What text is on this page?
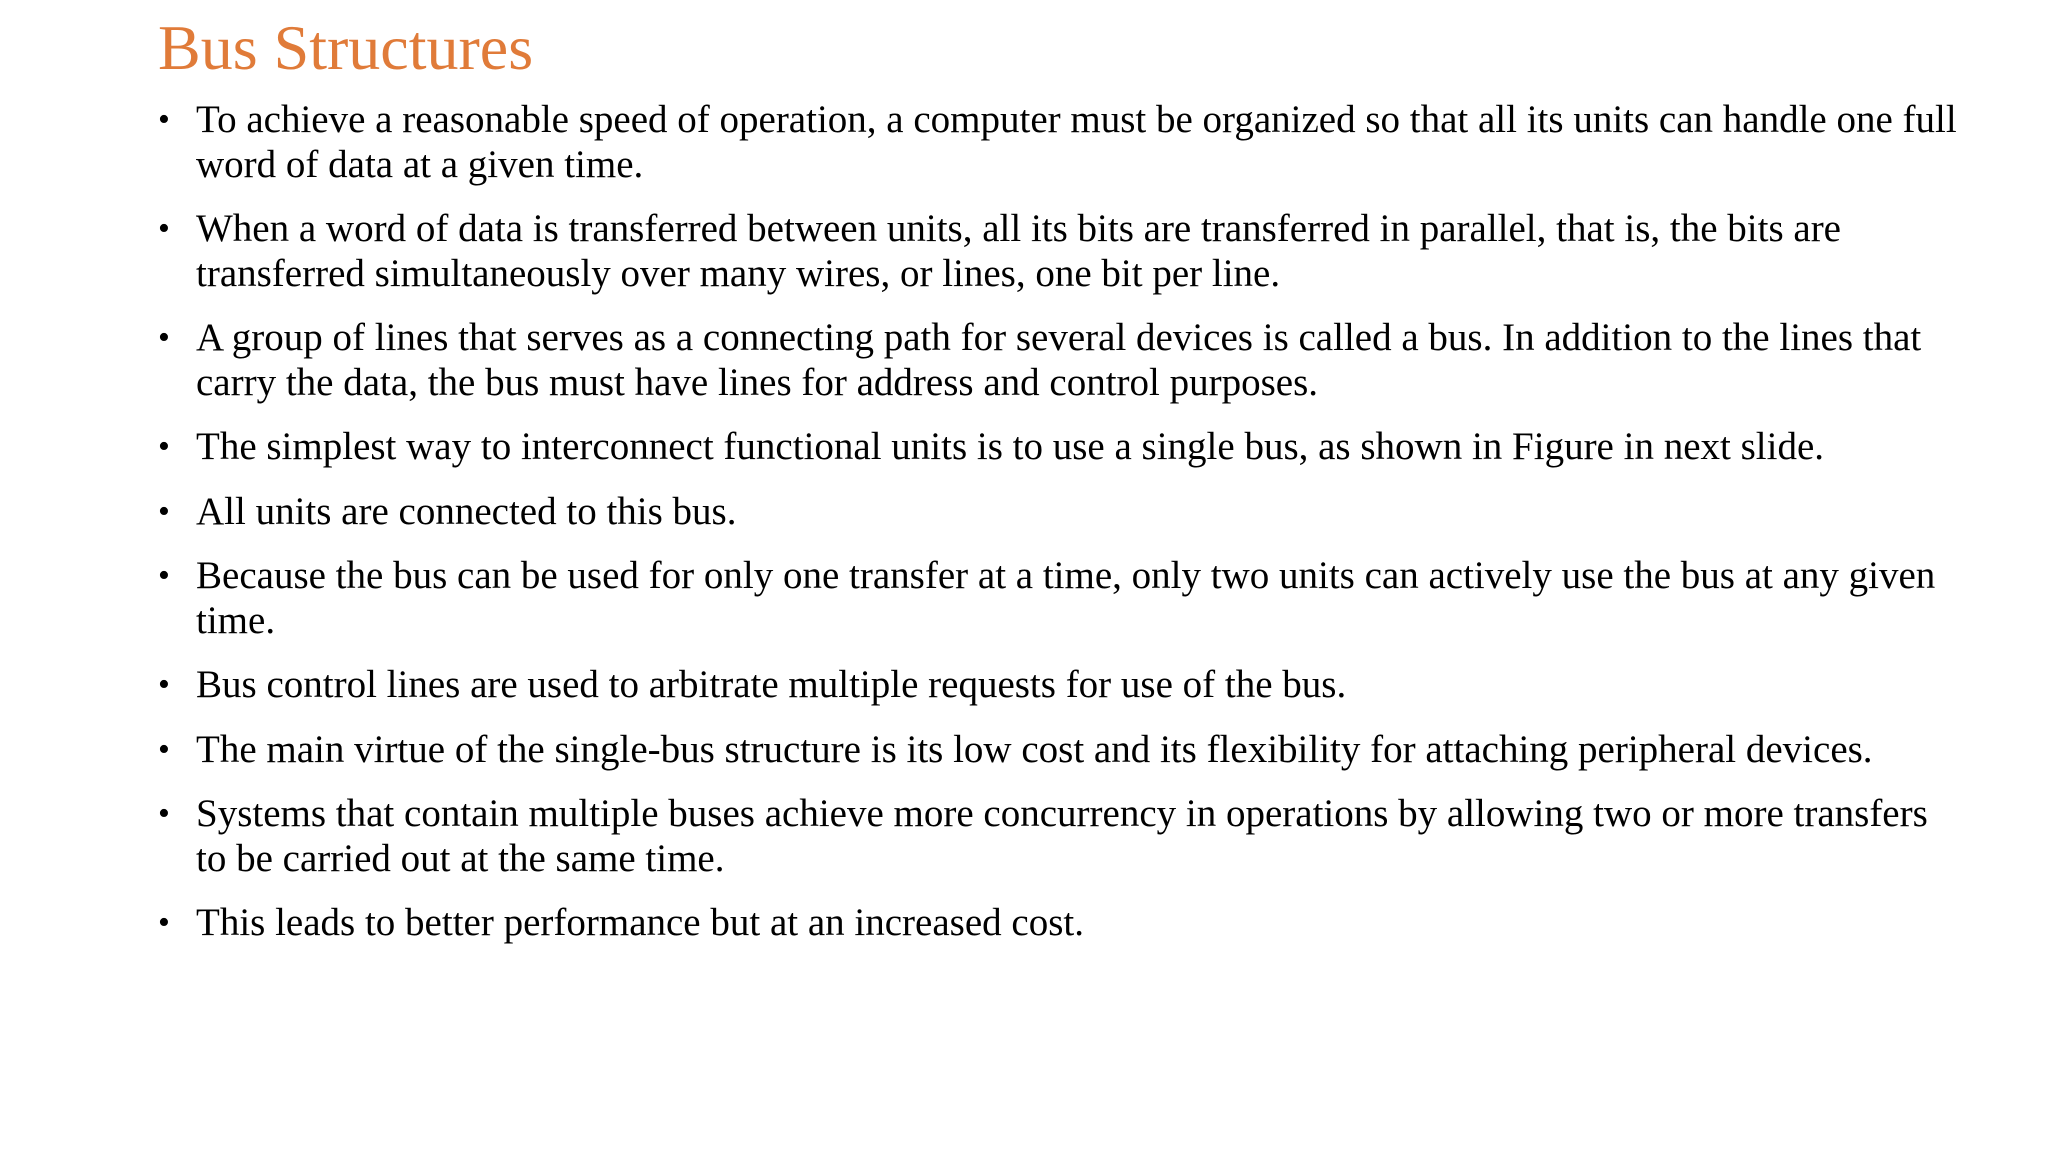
Bus Structures
• To achieve a reasonable speed of operation, a computer must be organized so that all its units can handle one full word of data at a given time.
• When a word of data is transferred between units, all its bits are transferred in parallel, that is, the bits are transferred simultaneously over many wires, or lines, one bit per line.
• A group of lines that serves as a connecting path for several devices is called a bus. In addition to the lines that carry the data, the bus must have lines for address and control purposes.
• The simplest way to interconnect functional units is to use a single bus, as shown in Figure in next slide.
• All units are connected to this bus.
• Because the bus can be used for only one transfer at a time, only two units can actively use the bus at any given time.
• Bus control lines are used to arbitrate multiple requests for use of the bus.
• The main virtue of the single-bus structure is its low cost and its flexibility for attaching peripheral devices.
• Systems that contain multiple buses achieve more concurrency in operations by allowing two or more transfers to be carried out at the same time.
• This leads to better performance but at an increased cost.
